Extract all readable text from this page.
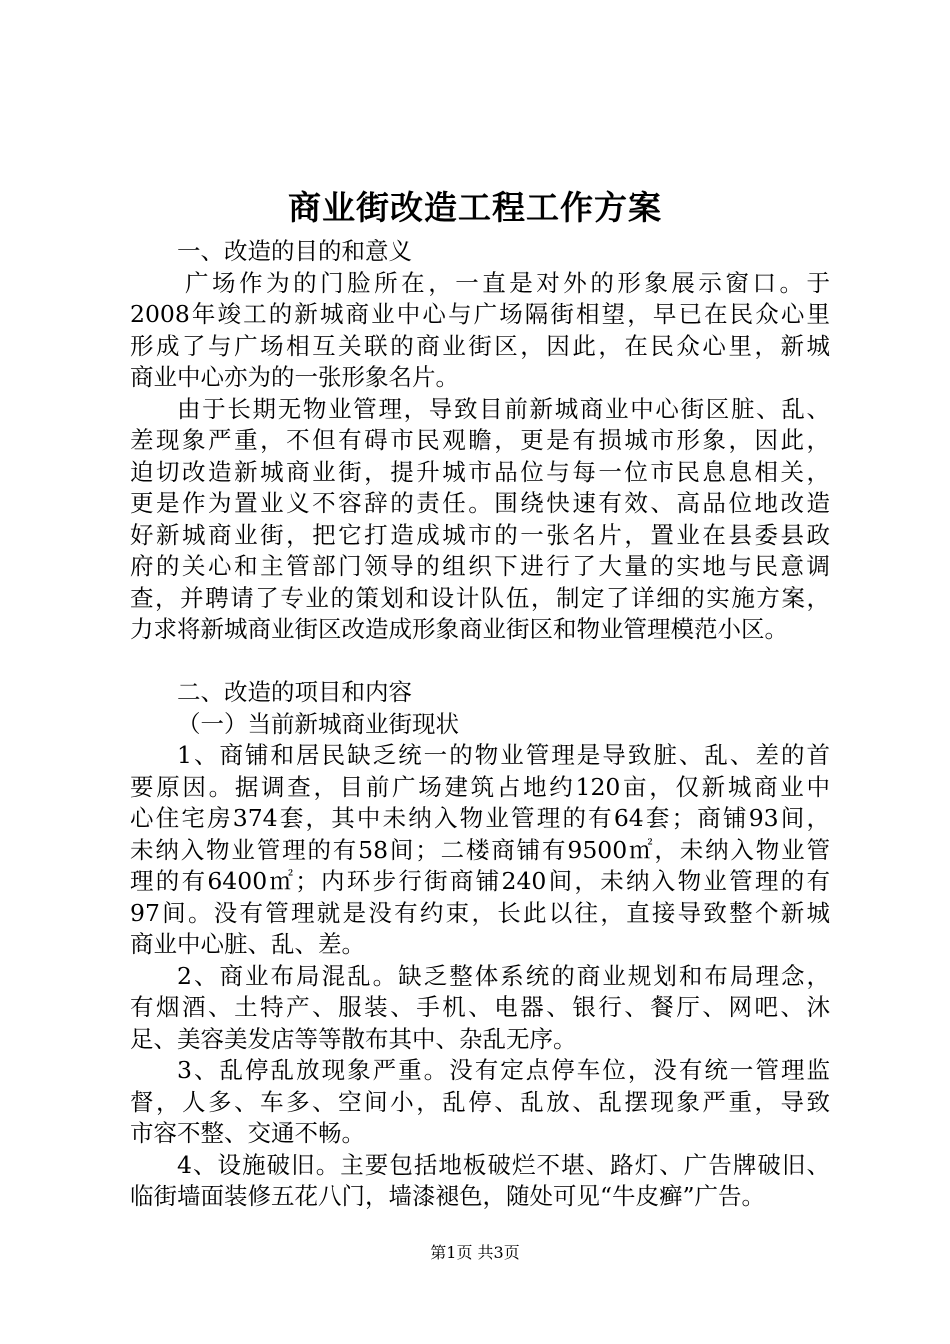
商业街改造工程工作方案
一、改造的目的和意义
广场作为的门脸所在，一直是对外的形象展示窗口。于
2008年竣工的新城商业中心与广场隔街相望，早已在民众心里
形成了与广场相互关联的商业街区，因此，在民众心里，新城
商业中心亦为的一张形象名片。
由于长期无物业管理，导致目前新城商业中心街区脏、乱、
差现象严重，不但有碍市民观瞻，更是有损城市形象，因此，
迫切改造新城商业街，提升城市品位与每一位市民息息相关，
更是作为置业义不容辞的责任。围绕快速有效、高品位地改造
好新城商业街，把它打造成城市的一张名片，置业在县委县政
府的关心和主管部门领导的组织下进行了大量的实地与民意调
查，并聘请了专业的策划和设计队伍，制定了详细的实施方案，
力求将新城商业街区改造成形象商业街区和物业管理模范小区。
二、改造的项目和内容
（一）当前新城商业街现状
1、商铺和居民缺乏统一的物业管理是导致脏、乱、差的首
要原因。据调查，目前广场建筑占地约120亩，仅新城商业中
心住宅房374套，其中未纳入物业管理的有64套；商铺93间，
未纳入物业管理的有58间；二楼商铺有9500㎡，未纳入物业管
理的有6400㎡；内环步行街商铺240间，未纳入物业管理的有
97间。没有管理就是没有约束，长此以往，直接导致整个新城
商业中心脏、乱、差。
2、商业布局混乱。缺乏整体系统的商业规划和布局理念，
有烟酒、土特产、服装、手机、电器、银行、餐厅、网吧、沐
足、美容美发店等等散布其中、杂乱无序。
3、乱停乱放现象严重。没有定点停车位，没有统一管理监
督，人多、车多、空间小，乱停、乱放、乱摆现象严重，导致
市容不整、交通不畅。
4、设施破旧。主要包括地板破烂不堪、路灯、广告牌破旧、
临街墙面装修五花八门，墙漆褪色，随处可见“牛皮癣”广告。
第1页 共3页
